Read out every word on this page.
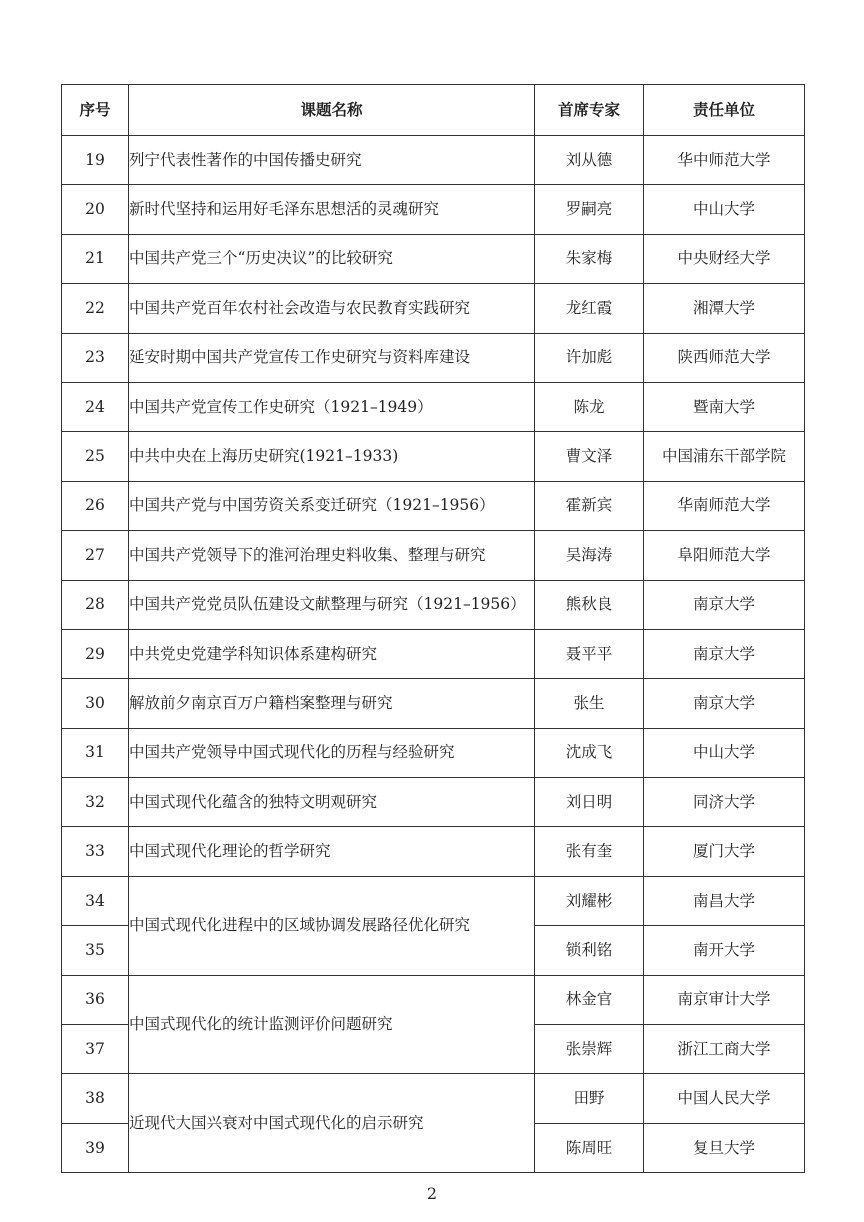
序号	课题名称	首席专家	责任单位
19	列宁代表性著作的中国传播史研究	刘从德	华中师范大学
20	新时代坚持和运用好毛泽东思想活的灵魂研究	罗嗣亮	中山大学
21	中国共产党三个“历史决议”的比较研究	朱家梅	中央财经大学
22	中国共产党百年农村社会改造与农民教育实践研究	龙红霞	湘潭大学
23	延安时期中国共产党宣传工作史研究与资料库建设	许加彪	陕西师范大学
24	中国共产党宣传工作史研究（1921–1949）	陈龙	暨南大学
25	中共中央在上海历史研究(1921–1933)	曹文泽	中国浦东干部学院
26	中国共产党与中国劳资关系变迁研究（1921–1956）	霍新宾	华南师范大学
27	中国共产党领导下的淮河治理史料收集、整理与研究	吴海涛	阜阳师范大学
28	中国共产党党员队伍建设文献整理与研究（1921–1956）	熊秋良	南京大学
29	中共党史党建学科知识体系建构研究	聂平平	南京大学
30	解放前夕南京百万户籍档案整理与研究	张生	南京大学
31	中国共产党领导中国式现代化的历程与经验研究	沈成飞	中山大学
32	中国式现代化蕴含的独特文明观研究	刘日明	同济大学
33	中国式现代化理论的哲学研究	张有奎	厦门大学
34	中国式现代化进程中的区域协调发展路径优化研究	刘耀彬	南昌大学
35		锁利铭	南开大学
36	中国式现代化的统计监测评价问题研究	林金官	南京审计大学
37		张崇辉	浙江工商大学
38	近现代大国兴衰对中国式现代化的启示研究	田野	中国人民大学
39		陈周旺	复旦大学
2
